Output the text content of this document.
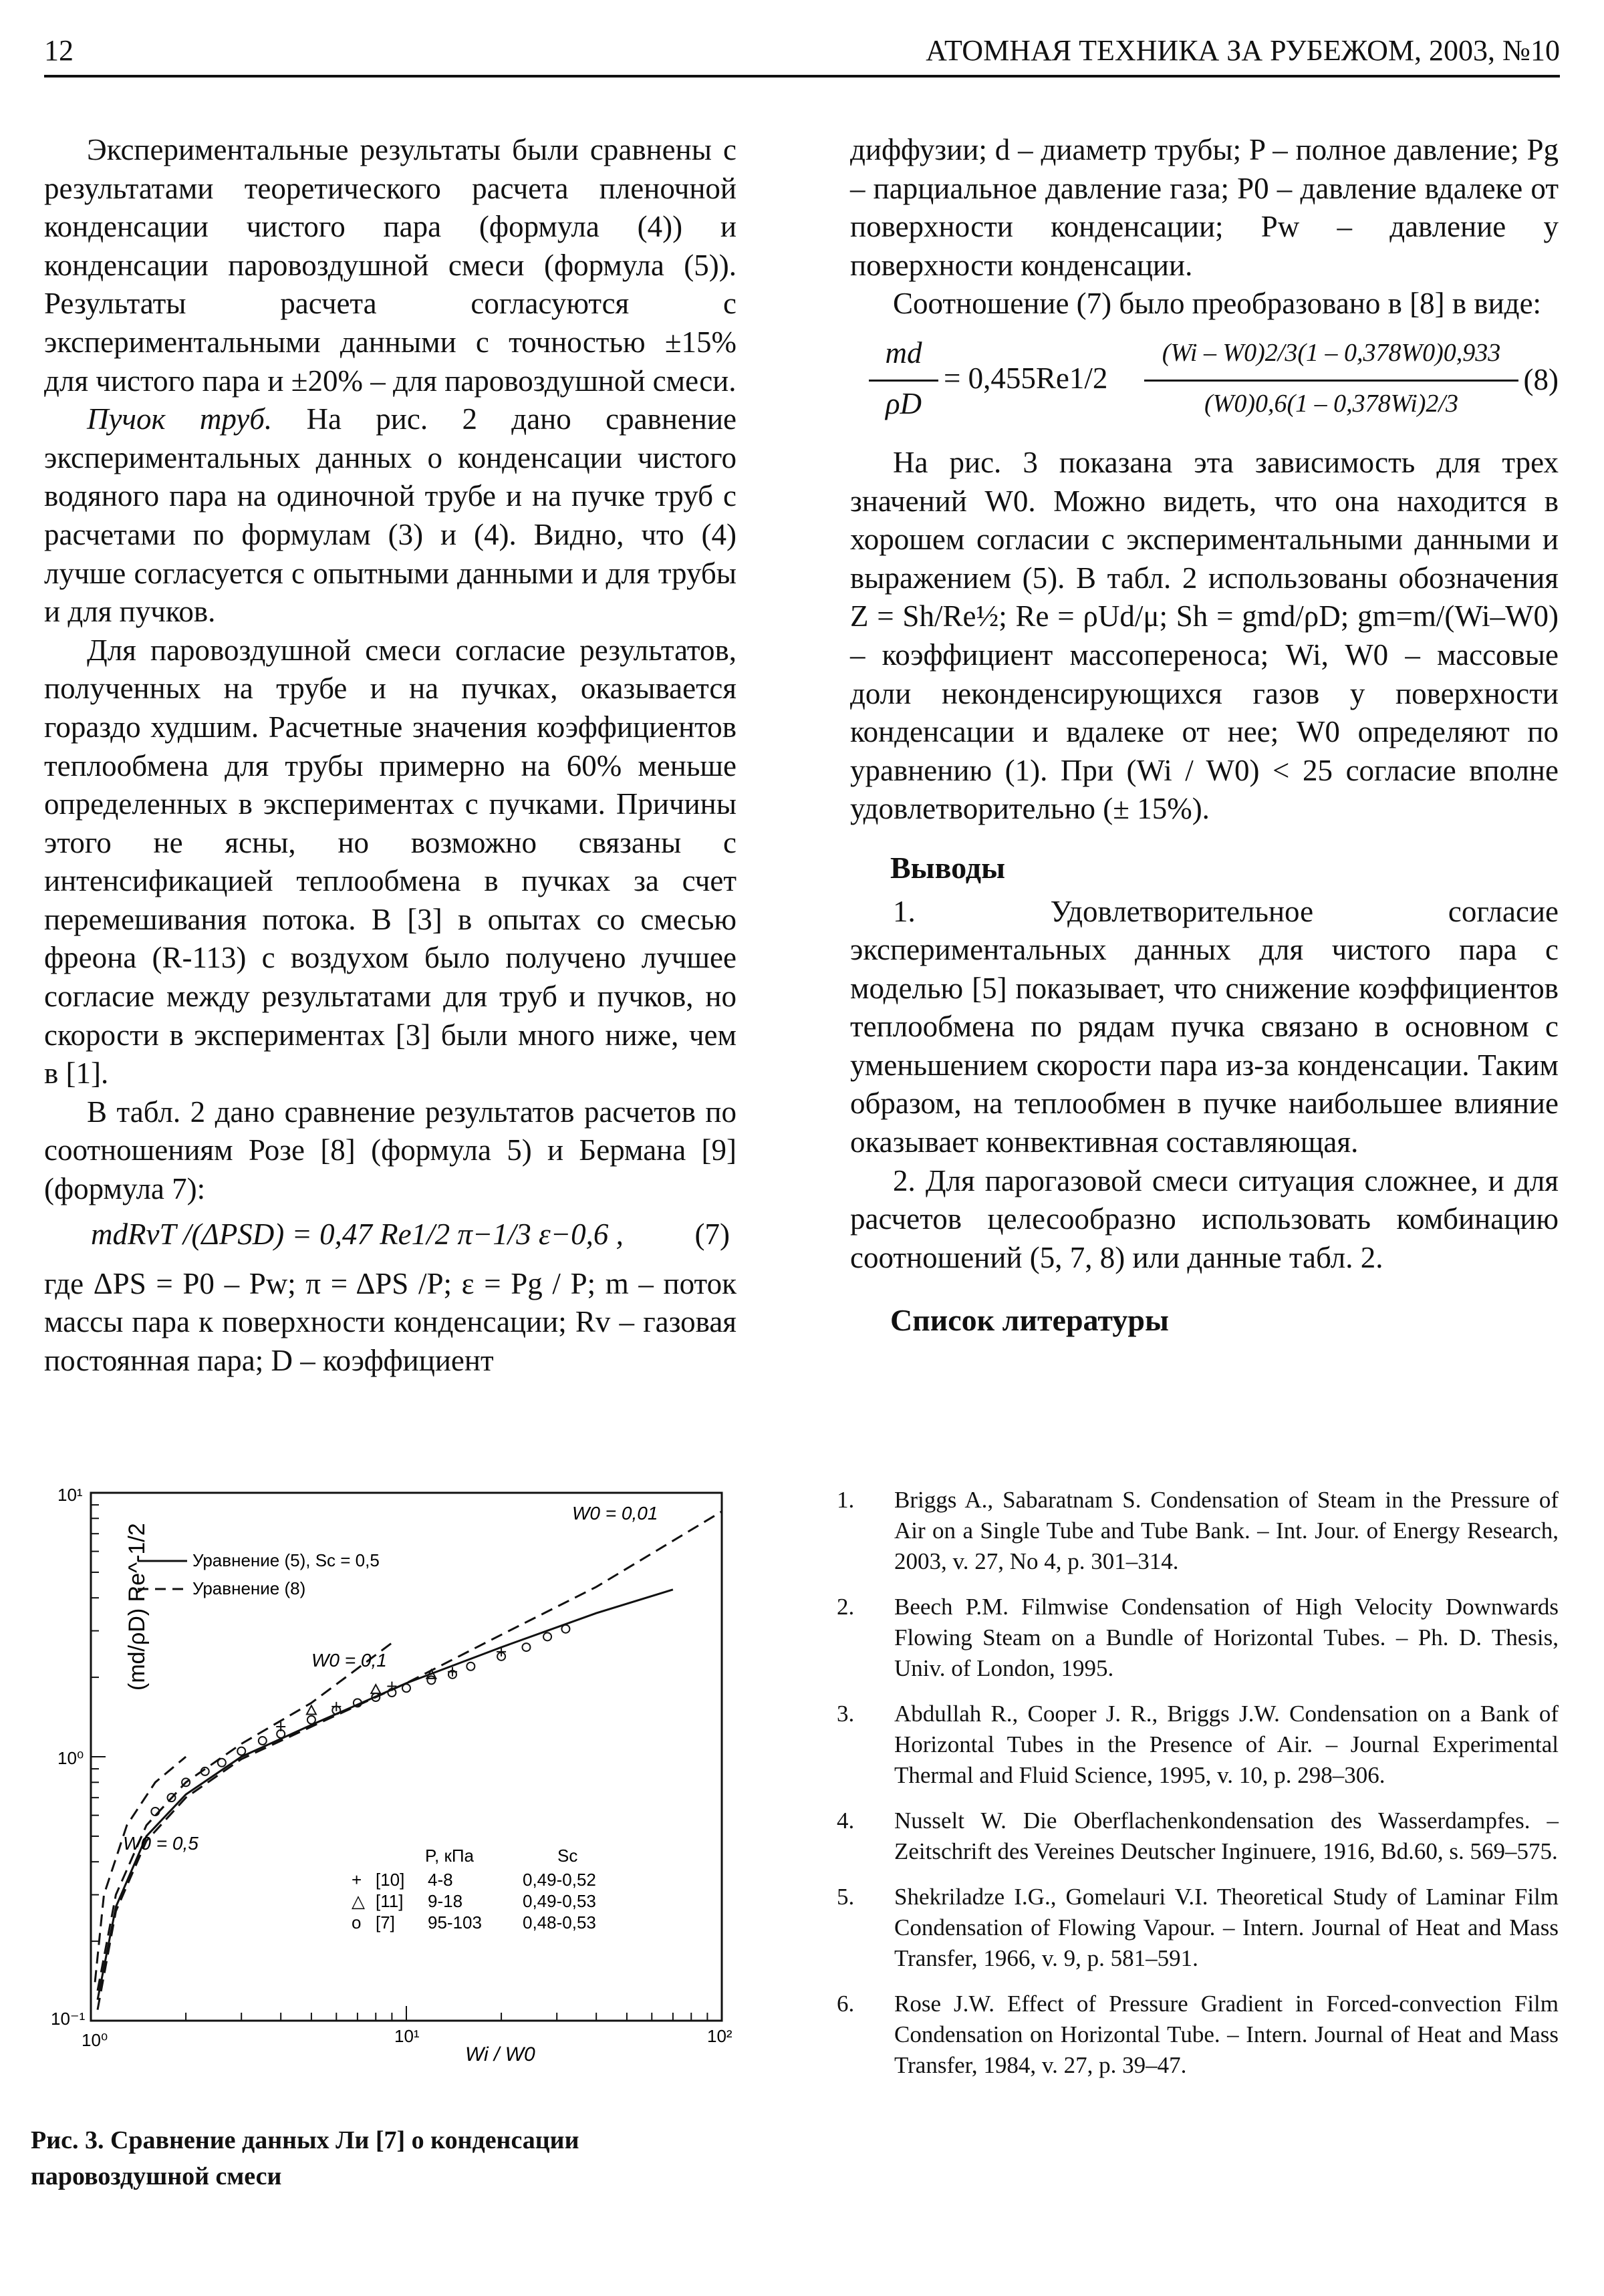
12	АТОМНАЯ ТЕХНИКА ЗА РУБЕЖОМ, 2003, №10

Экспериментальные результаты были сравнены с результатами теоретического расчета пленочной конденсации чистого пара (формула (4)) и конденсации паровоздушной смеси (формула (5)). Результаты расчета согласуются с экспериментальными данными с точностью ±15% для чистого пара и ±20% – для паровоздушной смеси.

Пучок труб. На рис. 2 дано сравнение экспериментальных данных о конденсации чистого водяного пара на одиночной трубе и на пучке труб с расчетами по формулам (3) и (4). Видно, что (4) лучше согласуется с опытными данными и для трубы и для пучков.

Для паровоздушной смеси согласие результатов, полученных на трубе и на пучках, оказывается гораздо худшим. Расчетные значения коэффициентов теплообмена для трубы примерно на 60% меньше определенных в экспериментах с пучками. Причины этого не ясны, но возможно связаны с интенсификацией теплообмена в пучках за счет перемешивания потока. В [3] в опытах со смесью фреона (R-113) с воздухом было получено лучшее согласие между результатами для труб и пучков, но скорости в экспериментах [3] были много ниже, чем в [1].

В табл. 2 дано сравнение результатов расчетов по соотношениям Розе [8] (формула 5) и Бермана [9] (формула 7):

mdRvT /(ΔPSD) = 0,47 Re1/2 π−1/3 ε−0,6 , (7)

где ΔPS = P0 – Pw; π = ΔPS /P; ε = Pg / P; m – поток массы пара к поверхности конденсации; Rv – газовая постоянная пара; D – коэффициент

диффузии; d – диаметр трубы; P – полное давление; Pg – парциальное давление газа; P0 – давление вдалеке от поверхности конденсации; Pw – давление у поверхности конденсации.

Соотношение (7) было преобразовано в [8] в виде:

md
ρD
= 0,455Re1/2
(Wi – W0)2/3(1 – 0,378W0)0,933
(W0)0,6(1 – 0,378Wi)2/3
(8)

На рис. 3 показана эта зависимость для трех значений W0. Можно видеть, что она находится в хорошем согласии с экспериментальными данными и выражением (5). В табл. 2 использованы обозначения Z = Sh/Re½; Re = ρUd/μ; Sh = gmd/ρD; gm=m/(Wi–W0) – коэффициент массопереноса; Wi, W0 – массовые доли неконденсирующихся газов у поверхности конденсации и вдалеке от нее; W0 определяют по уравнению (1). При (Wi / W0) < 25 согласие вполне удовлетворительно (± 15%).

Выводы

1. Удовлетворительное согласие экспериментальных данных для чистого пара с моделью [5] показывает, что снижение коэффициентов теплообмена по рядам пучка связано в основном с уменьшением скорости пара из-за конденсации. Таким образом, на теплообмен в пучке наибольшее влияние оказывает конвективная составляющая.

2. Для парогазовой смеси ситуация сложнее, и для расчетов целесообразно использовать комбинацию соотношений (5, 7, 8) или данные табл. 2.

Список литературы
1. Briggs A., Sabaratnam S. Condensation of Steam in the Pressure of Air on a Single Tube and Tube Bank. – Int. Jour. of Energy Research, 2003, v. 27, No 4, p. 301–314.
2. Beech P.M. Filmwise Condensation of High Velocity Downwards Flowing Steam on a Bundle of Horizontal Tubes. – Ph. D. Thesis, Univ. of London, 1995.
3. Abdullah R., Cooper J. R., Briggs J.W. Condensation on a Bank of Horizontal Tubes in the Presence of Air. – Journal Experimental Thermal and Fluid Science, 1995, v. 10, p. 298–306.
4. Nusselt W. Die Oberflachenkondensation des Wasserdampfes. – Zeitschrift des Vereines Deutscher Inginuere, 1916, Bd.60, s. 569–575.
5. Shekriladze I.G., Gomelauri V.I. Theoretical Study of Laminar Film Condensation of Flowing Vapour. – Intern. Journal of Heat and Mass Transfer, 1966, v. 9, p. 581–591.
6. Rose J.W. Effect of Pressure Gradient in Forced-convection Film Condensation on Horizontal Tube. – Intern. Journal of Heat and Mass Transfer, 1984, v. 27, p. 39–47.
(md/ρD) Re^-1/2
10¹
10⁰
10⁻¹
10⁰	10¹	10²
Wi / W0
Уравнение (5), Sc = 0,5
Уравнение (8)
W0 = 0,01
W0 = 0,1
W0 = 0,5
P, кПа	Sc
+ [10] 4-8	0,49-0,52
△ [11] 9-18	0,49-0,53
o [7] 95-103 0,48-0,53
Рис. 3. Сравнение данных Ли [7] о конденсации паровоздушной смеси
